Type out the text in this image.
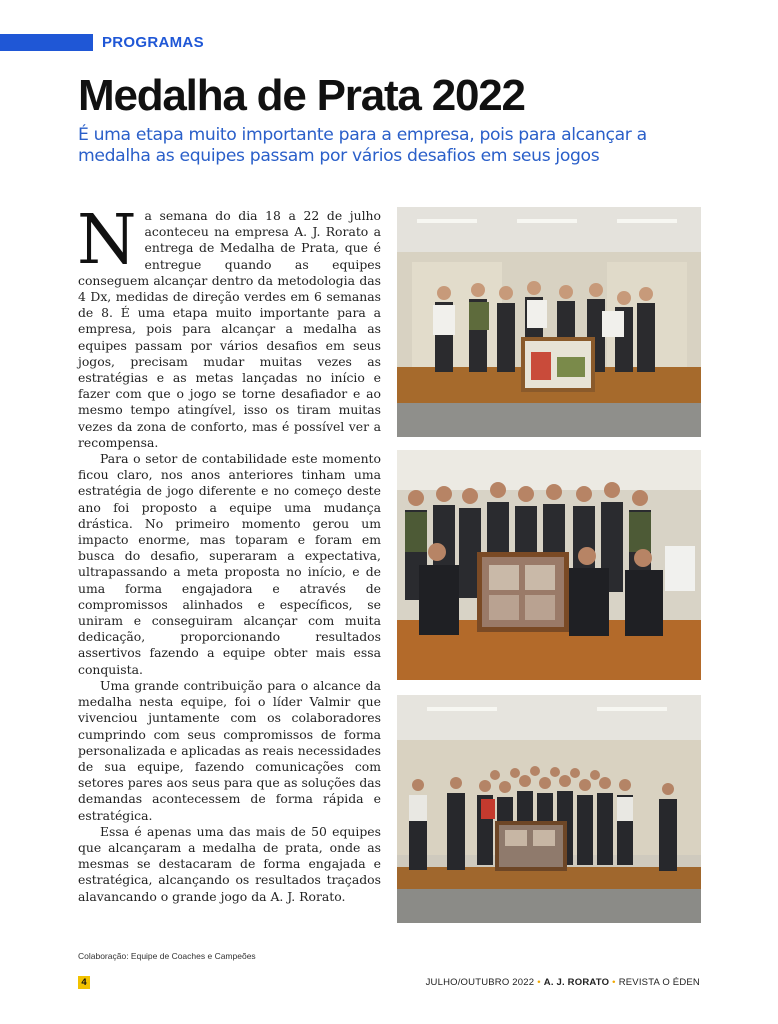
PROGRAMAS
Medalha de Prata 2022

É uma etapa muito importante para a empresa, pois para alcançar a medalha as equipes passam por vários desafios em seus jogos

Na semana do dia 18 a 22 de julho aconteceu na empresa A. J. Rorato a entrega de Medalha de Prata, que é entregue quando as equipes conseguem alcançar dentro da metodologia das 4 Dx, medidas de direção verdes em 6 semanas de 8. É uma etapa muito importante para a empresa, pois para alcançar a medalha as equipes passam por vários desafios em seus jogos, precisam mudar muitas vezes as estratégias e as metas lançadas no início e fazer com que o jogo se torne desafiador e ao mesmo tempo atingível, isso os tiram muitas vezes da zona de conforto, mas é possível ver a recompensa.

Para o setor de contabilidade este momento ficou claro, nos anos anteriores tinham uma estratégia de jogo diferente e no começo deste ano foi proposto a equipe uma mudança drástica. No primeiro momento gerou um impacto enorme, mas toparam e foram em busca do desafio, superaram a expectativa, ultrapassando a meta proposta no início, e de uma forma engajadora e através de compromissos alinhados e específicos, se uniram e conseguiram alcançar com muita dedicação, proporcionando resultados assertivos fazendo a equipe obter mais essa conquista.

Uma grande contribuição para o alcance da medalha nesta equipe, foi o líder Valmir que vivenciou juntamente com os colaboradores cumprindo com seus compromissos de forma personalizada e aplicadas as reais necessidades de sua equipe, fazendo comunicações com setores pares aos seus para que as soluções das demandas acontecessem de forma rápida e estratégica.

Essa é apenas uma das mais de 50 equipes que alcançaram a medalha de prata, onde as mesmas se destacaram de forma engajada e estratégica, alcançando os resultados traçados alavancando o grande jogo da A. J. Rorato.

Colaboração: Equipe de Coaches e Campeões
4	JULHO/OUTUBRO 2022 • A. J. RORATO • REVISTA O ÉDEN
